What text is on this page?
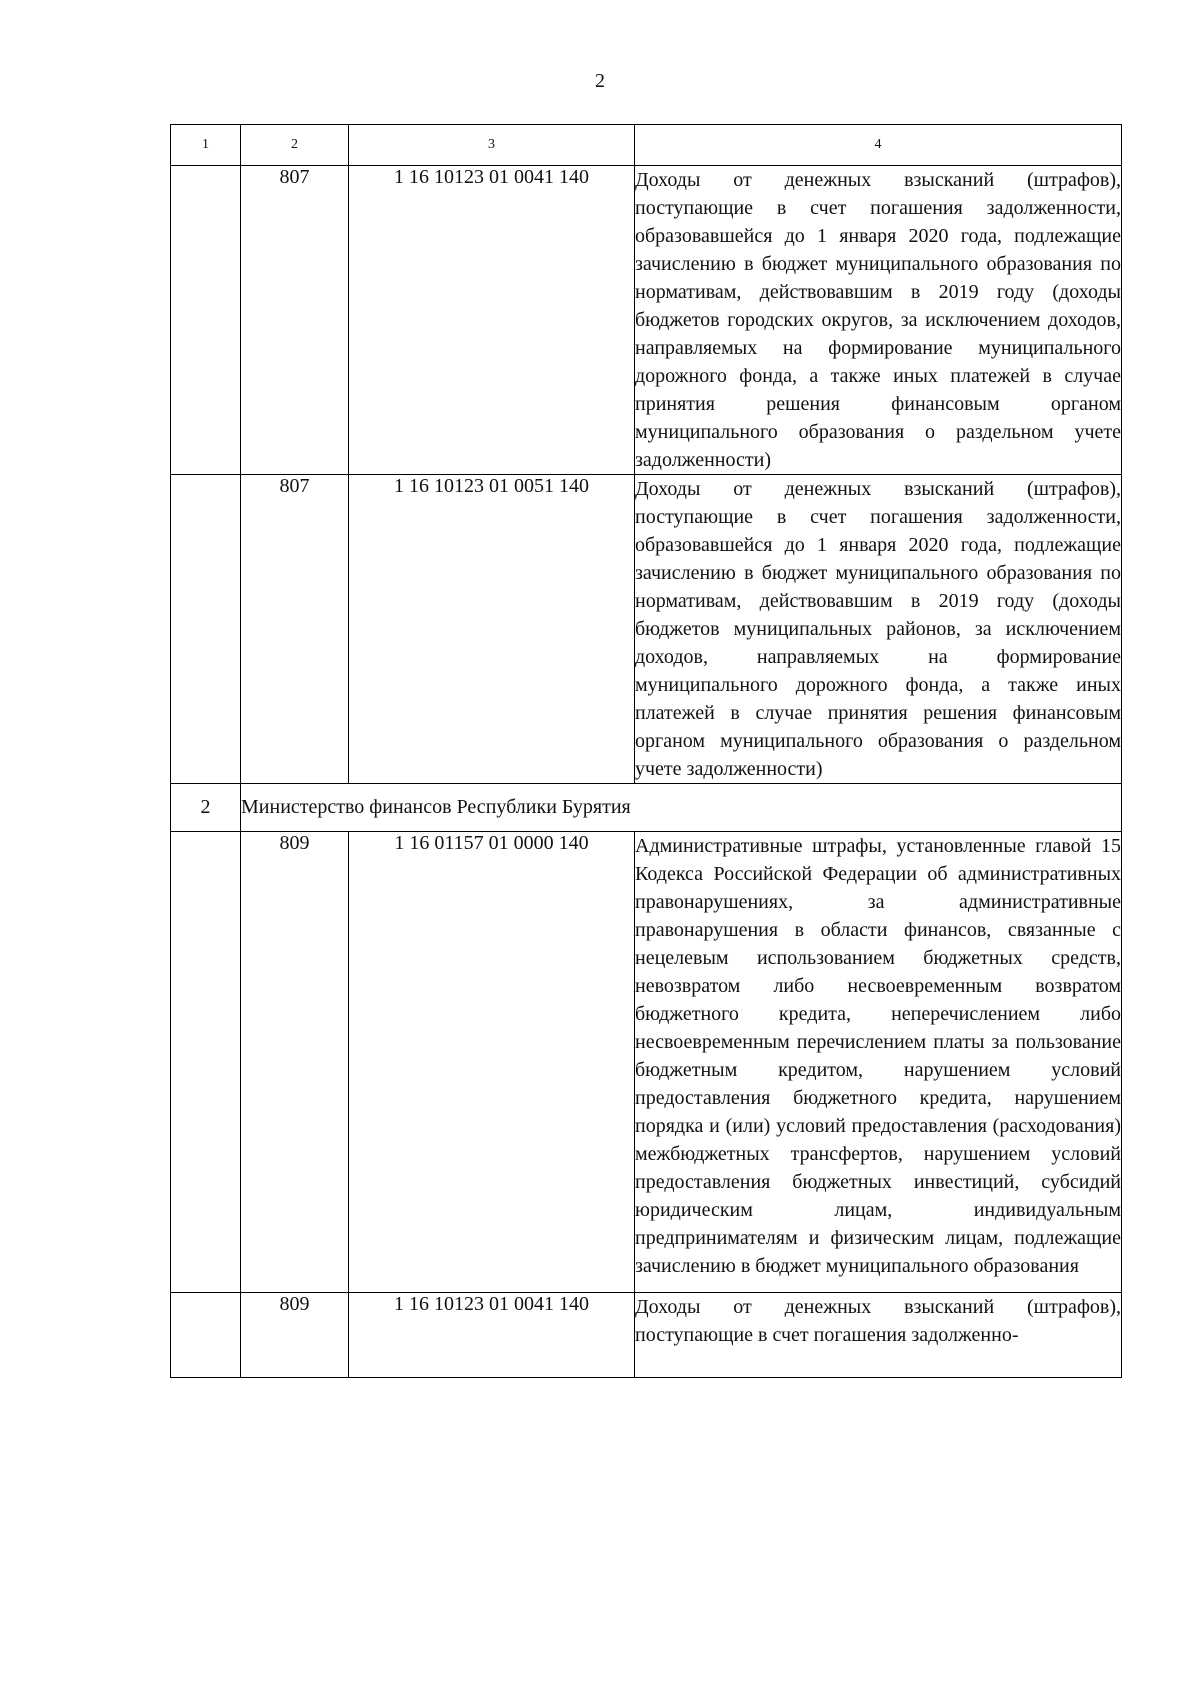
2
1	2	3	4
	807	1 16 10123 01 0041 140	Доходы от денежных взысканий (штрафов), поступающие в счет погашения задолженности, образовавшейся до 1 января 2020 года, подлежащие зачислению в бюджет муниципального образования по нормативам, действовавшим в 2019 году (доходы бюджетов городских округов, за исключением доходов, направляемых на формирование муниципального дорожного фонда, а также иных платежей в случае принятия решения финансовым органом муниципального образования о раздельном учете задолженности)
	807	1 16 10123 01 0051 140	Доходы от денежных взысканий (штрафов), поступающие в счет погашения задолженности, образовавшейся до 1 января 2020 года, подлежащие зачислению в бюджет муниципального образования по нормативам, действовавшим в 2019 году (доходы бюджетов муниципальных районов, за исключением доходов, направляемых на формирование муниципального дорожного фонда, а также иных платежей в случае принятия решения финансовым органом муниципального образования о раздельном учете задолженности)
2	Министерство финансов Республики Бурятия		
	809	1 16 01157 01 0000 140	Административные штрафы, установленные главой 15 Кодекса Российской Федерации об административных правонарушениях, за административные правонарушения в области финансов, связанные с нецелевым использованием бюджетных средств, невозвратом либо несвоевременным возвратом бюджетного кредита, неперечислением либо несвоевременным перечислением платы за пользование бюджетным кредитом, нарушением условий предоставления бюджетного кредита, нарушением порядка и (или) условий предоставления (расходования) межбюджетных трансфертов, нарушением условий предоставления бюджетных инвестиций, субсидий юридическим лицам, индивидуальным предпринимателям и физическим лицам, подлежащие зачислению в бюджет муниципального образования
	809	1 16 10123 01 0041 140	Доходы от денежных взысканий (штрафов), поступающие в счет погашения задолженно-
